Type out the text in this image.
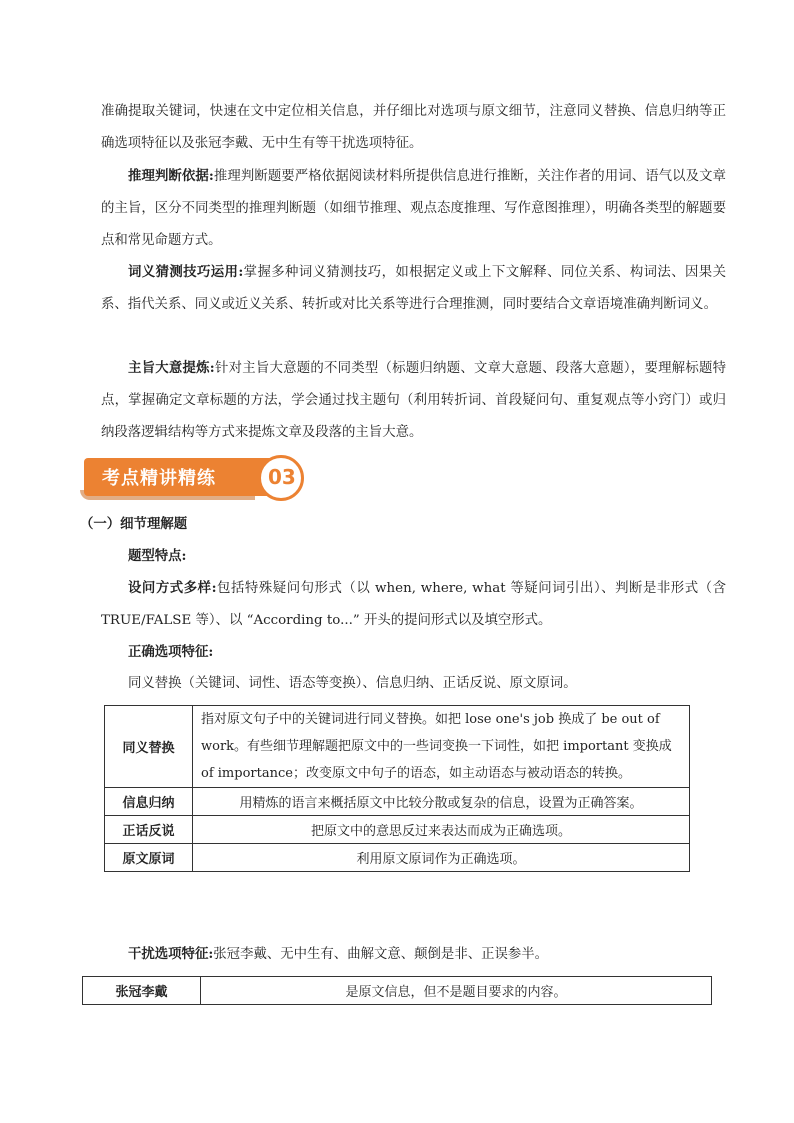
准确提取关键词，快速在文中定位相关信息，并仔细比对选项与原文细节，注意同义替换、信息归纳等正确选项特征以及张冠李戴、无中生有等干扰选项特征。

推理判断依据:推理判断题要严格依据阅读材料所提供信息进行推断，关注作者的用词、语气以及文章的主旨，区分不同类型的推理判断题（如细节推理、观点态度推理、写作意图推理），明确各类型的解题要点和常见命题方式。

词义猜测技巧运用:掌握多种词义猜测技巧，如根据定义或上下文解释、同位关系、构词法、因果关系、指代关系、同义或近义关系、转折或对比关系等进行合理推测，同时要结合文章语境准确判断词义。

主旨大意提炼:针对主旨大意题的不同类型（标题归纳题、文章大意题、段落大意题），要理解标题特点，掌握确定文章标题的方法，学会通过找主题句（利用转折词、首段疑问句、重复观点等小窍门）或归纳段落逻辑结构等方式来提炼文章及段落的主旨大意。

考点精讲精练	03
（一）细节理解题

题型特点:

设问方式多样:包括特殊疑问句形式（以 when, where, what 等疑问词引出）、判断是非形式（含 TRUE/FALSE 等）、以 “According to...” 开头的提问形式以及填空形式。

正确选项特征:

同义替换（关键词、词性、语态等变换）、信息归纳、正话反说、原文原词。

同义替换	指对原文句子中的关键词进行同义替换。如把 lose one's job 换成了 be out of work。有些细节理解题把原文中的一些词变换一下词性，如把 important 变换成 of importance；改变原文中句子的语态，如主动语态与被动语态的转换。
信息归纳	用精炼的语言来概括原文中比较分散或复杂的信息，设置为正确答案。
正话反说	把原文中的意思反过来表达而成为正确选项。
原文原词	利用原文原词作为正确选项。

干扰选项特征:张冠李戴、无中生有、曲解文意、颠倒是非、正误参半。

张冠李戴	是原文信息，但不是题目要求的内容。
